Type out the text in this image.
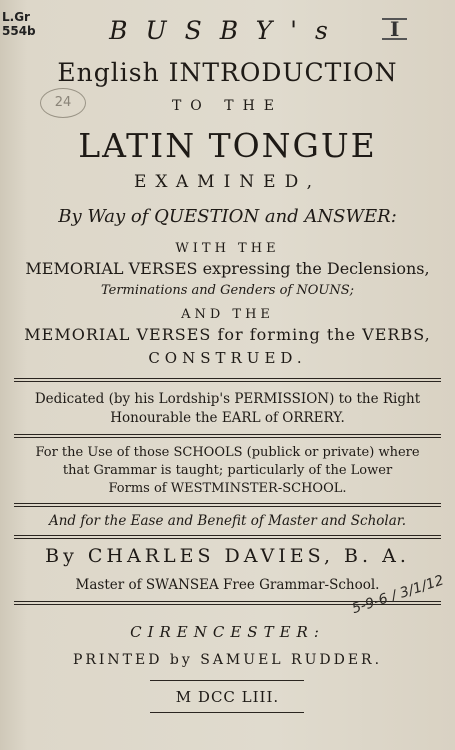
L.Gr
554b	I
24
BUSBY's
English INTRODUCTION
TO THE
LATIN TONGUE
EXAMINED,
By Way of QUESTION and ANSWER:
WITH THE
MEMORIAL VERSES expressing the Declensions,
Terminations and Genders of NOUNS;
AND THE
MEMORIAL VERSES for forming the VERBS,
CONSTRUED.
Dedicated (by his Lordship's PERMISSION) to the Right
Honourable the EARL of ORRERY.
For the Use of those SCHOOLS (publick or private) where
that Grammar is taught; particularly of the Lower
Forms of WESTMINSTER-SCHOOL.
And for the Ease and Benefit of Master and Scholar.
By CHARLES DAVIES, B. A.
Master of SWANSEA Free Grammar-School.
CIRENCESTER:
PRINTED by SAMUEL RUDDER.
M DCC LIII.
5-9-6 / 3/1/12
